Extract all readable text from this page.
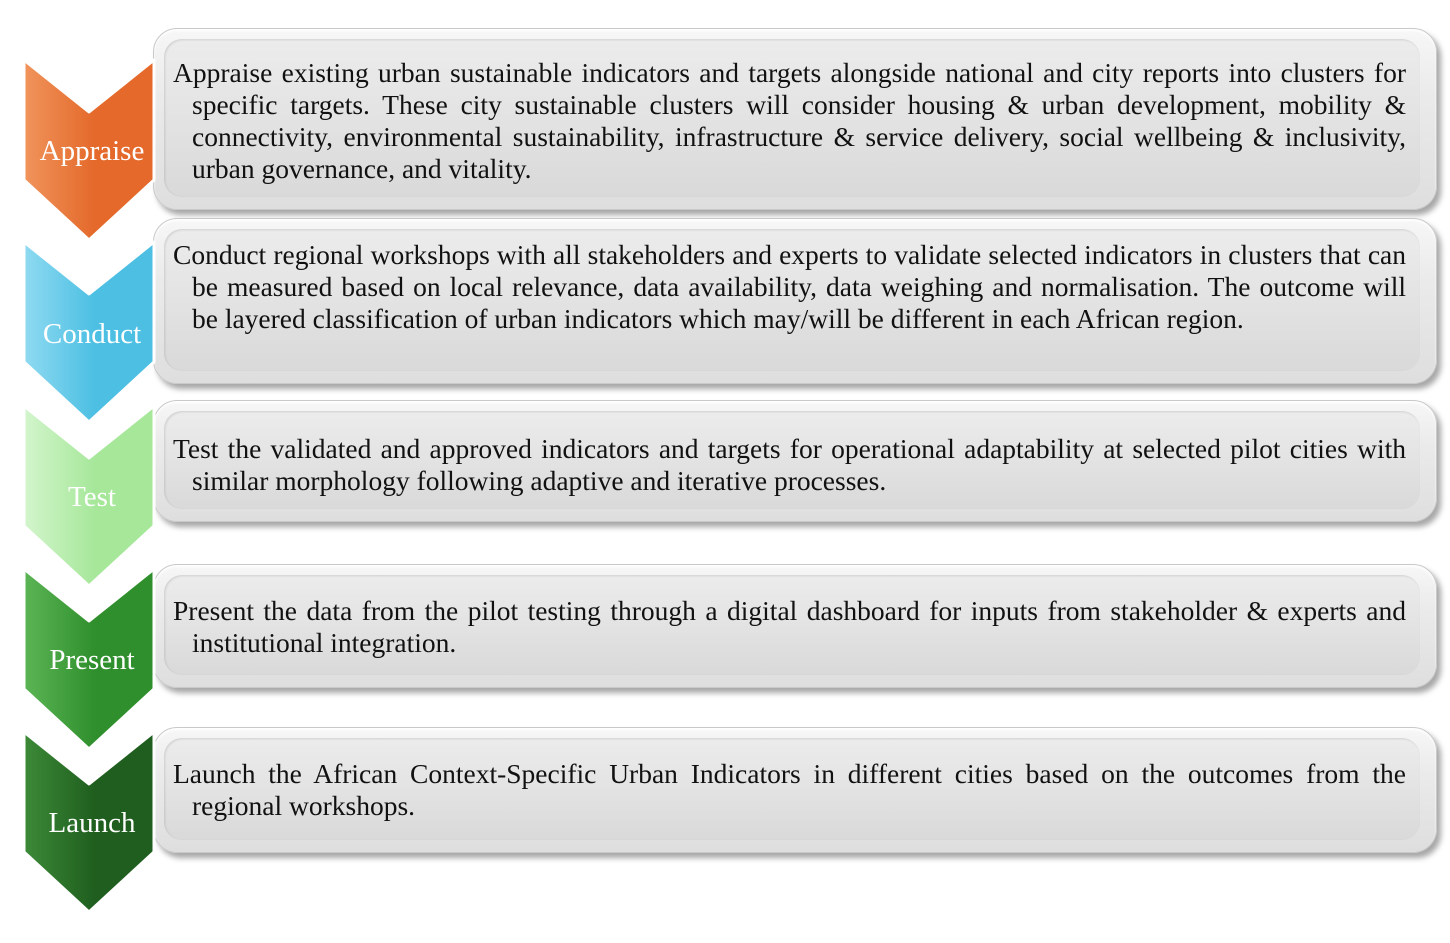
Appraise existing urban sustainable indicators and targets alongside national and city reports into clusters for specific targets. These city sustainable clusters will consider housing & urban development, mobility & connectivity, environmental sustainability, infrastructure & service delivery, social wellbeing & inclusivity, urban governance, and vitality.
Appraise
Conduct regional workshops with all stakeholders and experts to validate selected indicators in clusters that can be measured based on local relevance, data availability, data weighing and normalisation. The outcome will be layered classification of urban indicators which may/will be different in each African region.
Conduct
Test the validated and approved indicators and targets for operational adaptability at selected pilot cities with similar morphology following adaptive and iterative processes.
Test
Present the data from the pilot testing through a digital dashboard for inputs from stakeholder & experts and institutional integration.
Present
Launch the African Context-Specific Urban Indicators in different cities based on the outcomes from the regional workshops.
Launch
